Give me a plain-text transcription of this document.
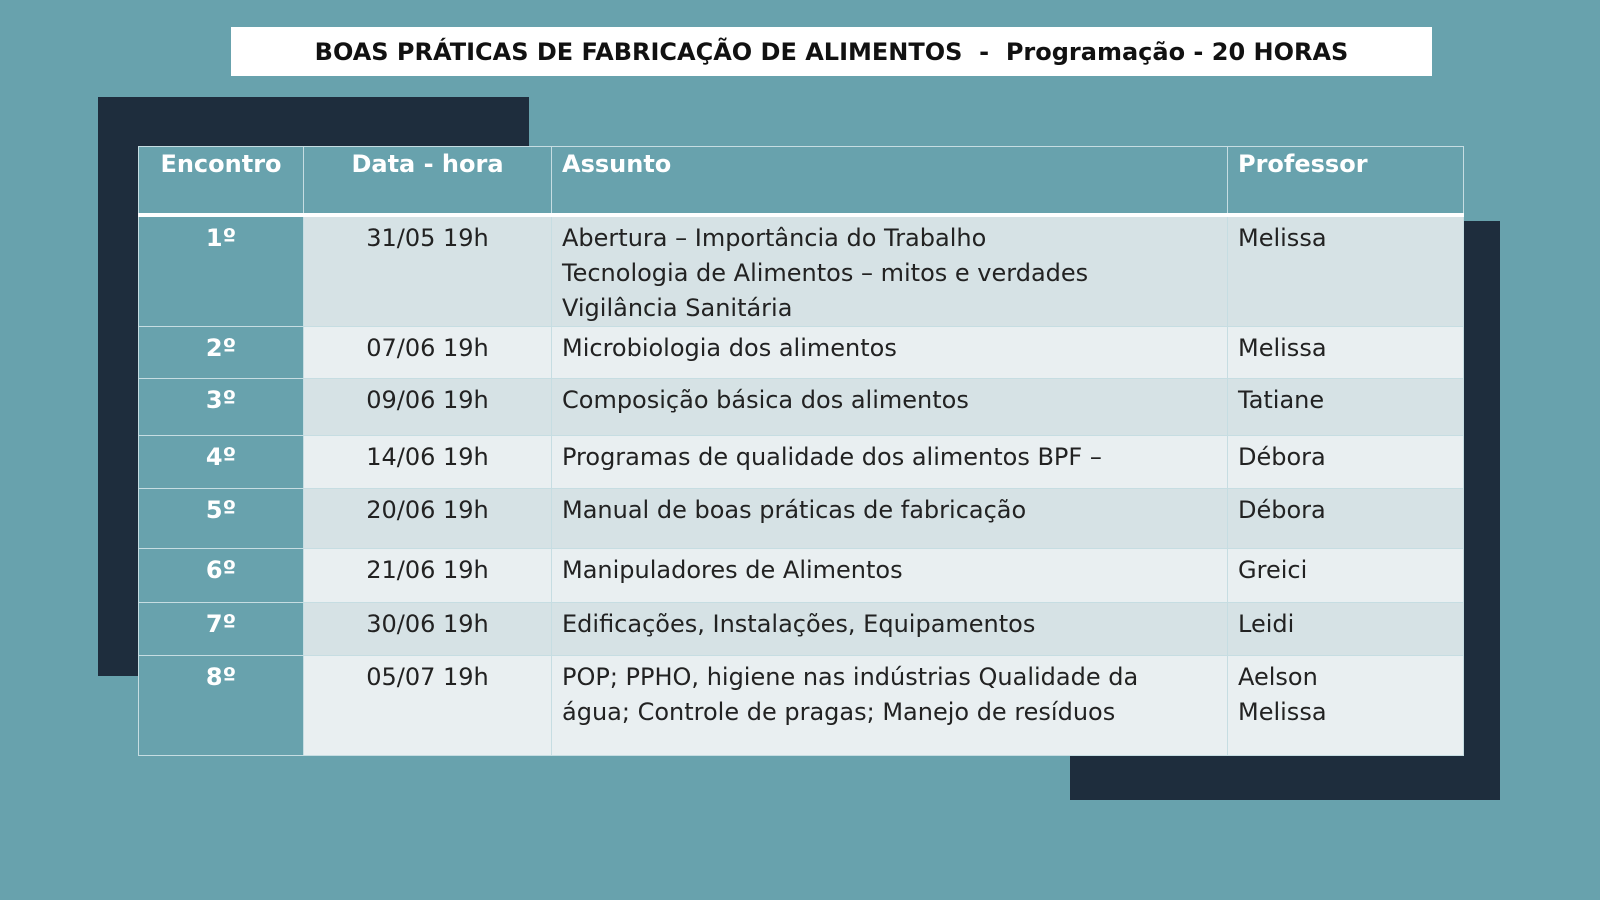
BOAS PRÁTICAS DE FABRICAÇÃO DE ALIMENTOS  -  Programação - 20 HORAS
Encontro	Data - hora	Assunto	Professor
1º	31/05 19h	Abertura – Importância do Trabalho
Tecnologia de Alimentos – mitos e verdades
Vigilância Sanitária	Melissa
2º	07/06 19h	Microbiologia dos alimentos	Melissa
3º	09/06 19h	Composição básica dos alimentos	Tatiane
4º	14/06 19h	Programas de qualidade dos alimentos BPF –	Débora
5º	20/06 19h	Manual de boas práticas de fabricação	Débora
6º	21/06 19h	Manipuladores de Alimentos	Greici
7º	30/06 19h	Edificações, Instalações, Equipamentos	Leidi
8º	05/07 19h	POP; PPHO, higiene nas indústrias Qualidade da
água; Controle de pragas; Manejo de resíduos	Aelson
Melissa
